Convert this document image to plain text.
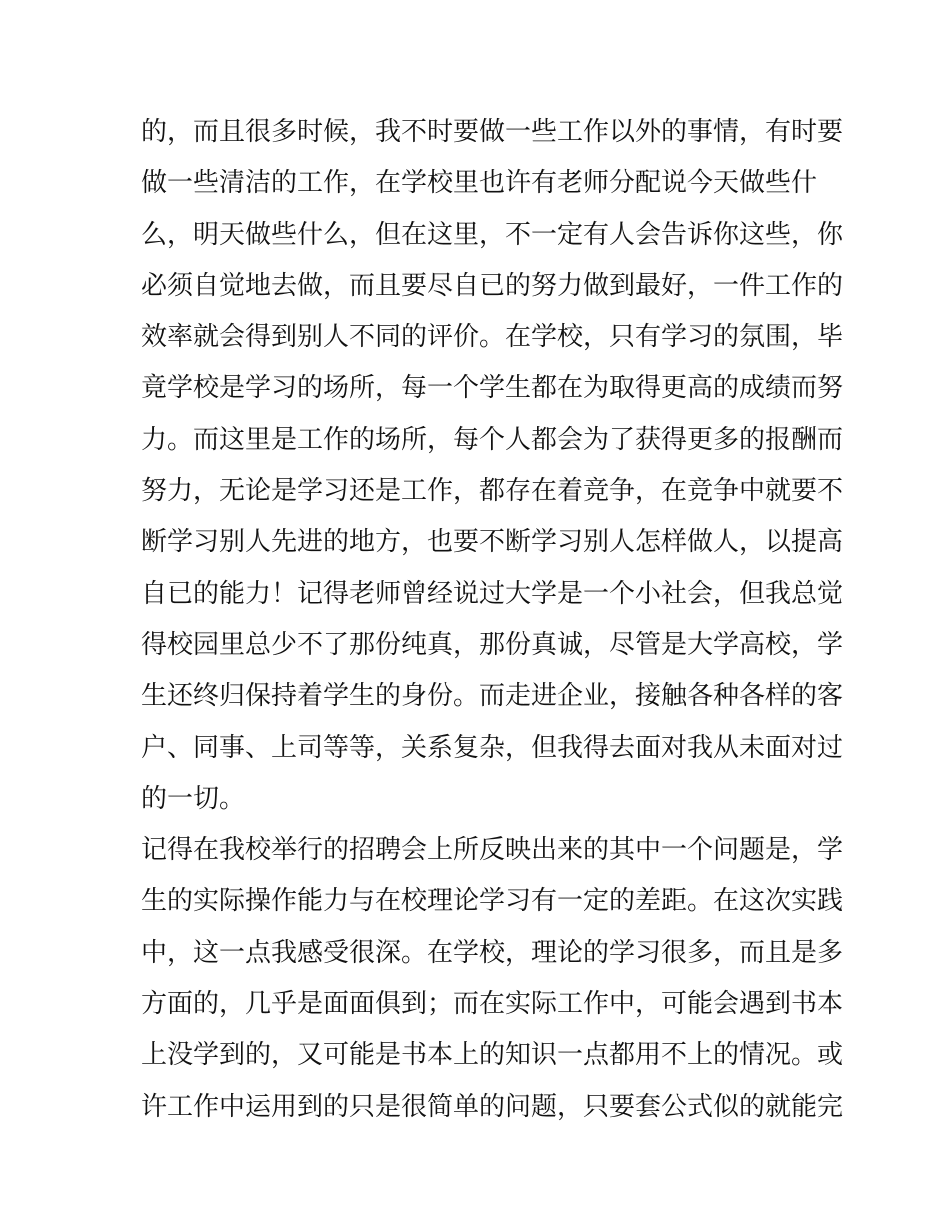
的，而且很多时候，我不时要做一些工作以外的事情，有时要
做一些清洁的工作，在学校里也许有老师分配说今天做些什
么，明天做些什么，但在这里，不一定有人会告诉你这些，你
必须自觉地去做，而且要尽自已的努力做到最好，一件工作的
效率就会得到别人不同的评价。在学校，只有学习的氛围，毕
竟学校是学习的场所，每一个学生都在为取得更高的成绩而努
力。而这里是工作的场所，每个人都会为了获得更多的报酬而
努力，无论是学习还是工作，都存在着竞争，在竞争中就要不
断学习别人先进的地方，也要不断学习别人怎样做人，以提高
自已的能力！记得老师曾经说过大学是一个小社会，但我总觉
得校园里总少不了那份纯真，那份真诚，尽管是大学高校，学
生还终归保持着学生的身份。而走进企业，接触各种各样的客
户、同事、上司等等，关系复杂，但我得去面对我从未面对过
的一切。
记得在我校举行的招聘会上所反映出来的其中一个问题是，学
生的实际操作能力与在校理论学习有一定的差距。在这次实践
中，这一点我感受很深。在学校，理论的学习很多，而且是多
方面的，几乎是面面俱到；而在实际工作中，可能会遇到书本
上没学到的，又可能是书本上的知识一点都用不上的情况。或
许工作中运用到的只是很简单的问题，只要套公式似的就能完
